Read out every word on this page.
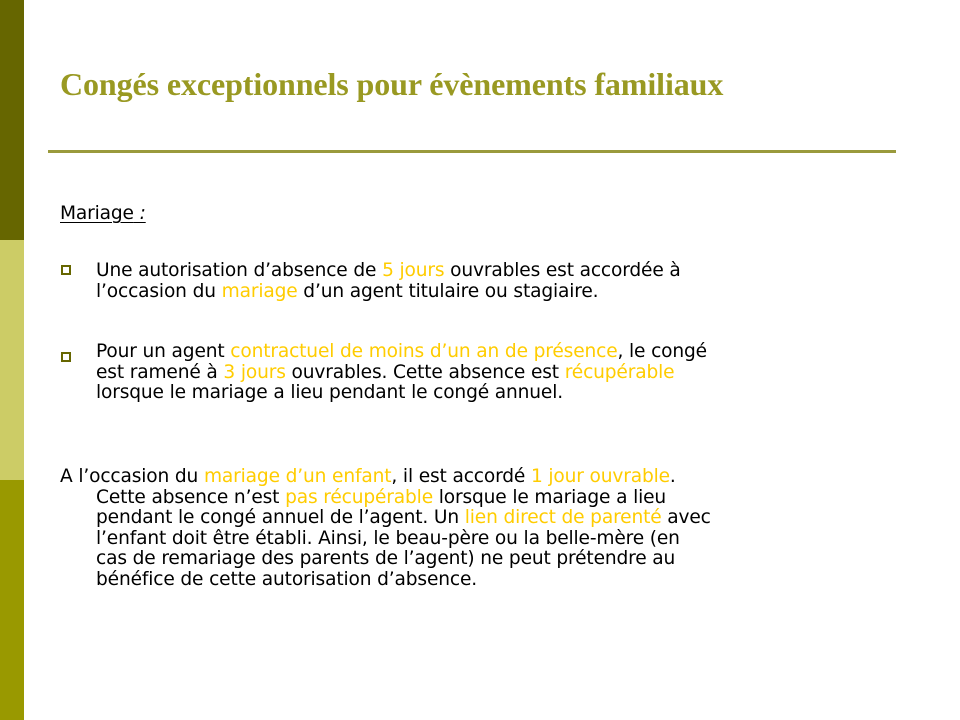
Congés exceptionnels pour évènements familiaux
Mariage :
Une autorisation d’absence de 5 jours ouvrables est accordée à
l’occasion du mariage d’un agent titulaire ou stagiaire.
Pour un agent contractuel de moins d’un an de présence, le congé
est ramené à 3 jours ouvrables. Cette absence est récupérable
lorsque le mariage a lieu pendant le congé annuel.
A l’occasion du mariage d’un enfant, il est accordé 1 jour ouvrable.
Cette absence n’est pas récupérable lorsque le mariage a lieu
pendant le congé annuel de l’agent. Un lien direct de parenté avec
l’enfant doit être établi. Ainsi, le beau-père ou la belle-mère (en
cas de remariage des parents de l’agent) ne peut prétendre au
bénéfice de cette autorisation d’absence.
